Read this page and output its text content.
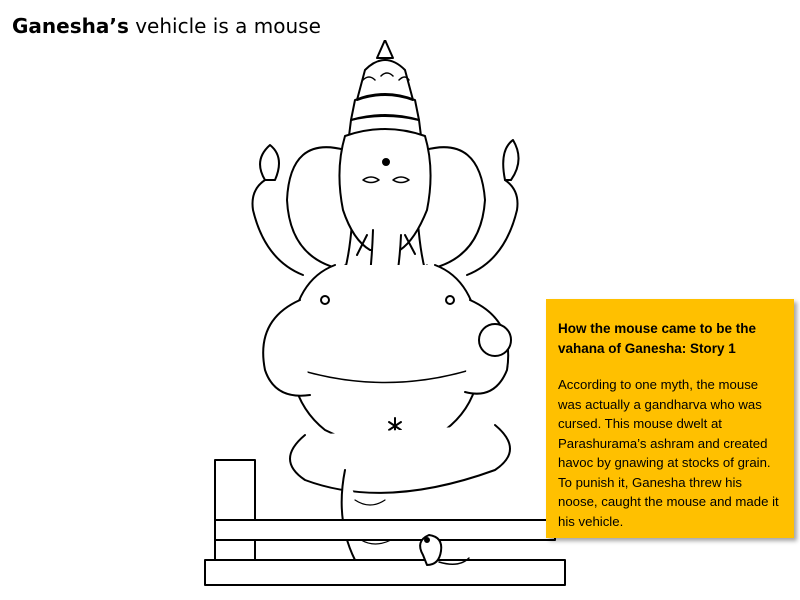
Ganesha’s vehicle is a mouse

How the mouse came to be the vahana of Ganesha: Story 1

According to one myth, the mouse was actually a gandharva who was cursed. This mouse dwelt at Parashurama’s ashram and created havoc by gnawing at stocks of grain. To punish it, Ganesha threw his noose, caught the mouse and made it his vehicle.
